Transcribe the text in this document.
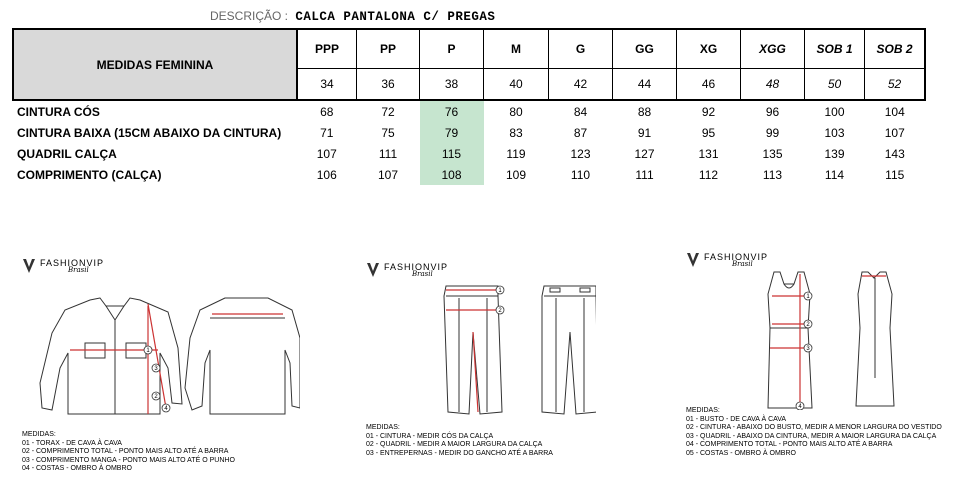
DESCRIÇÃO : CALCA PANTALONA C/ PREGAS
MEDIDAS FEMININA	PPP	PP	P	M	G	GG	XG	XGG	SOB 1	SOB 2
	34	36	38	40	42	44	46	48	50	52
CINTURA CÓS	68	72	76	80	84	88	92	96	100	104
CINTURA BAIXA (15CM ABAIXO DA CINTURA)	71	75	79	83	87	91	95	99	103	107
QUADRIL CALÇA	107	111	115	119	123	127	131	135	139	143
COMPRIMENTO (CALÇA)	106	107	108	109	110	111	112	113	114	115
FASHIONVIP
Brasil
1
3
4
2
MEDIDAS:
01 - TORAX - DE CAVA À CAVA
02 - COMPRIMENTO TOTAL - PONTO MAIS ALTO ATÉ A BARRA
03 - COMPRIMENTO MANGA - PONTO MAIS ALTO ATÉ O PUNHO
04 - COSTAS - OMBRO À OMBRO
FASHIONVIP
Brasil
1
2
MEDIDAS:
01 - CINTURA - MEDIR CÓS DA CALÇA
02 - QUADRIL - MEDIR A MAIOR LARGURA DA CALÇA
03 - ENTREPERNAS - MEDIR DO GANCHO ATÉ A BARRA
FASHIONVIP
Brasil
1
2
3
4
MEDIDAS:
01 - BUSTO - DE CAVA À CAVA
02 - CINTURA - ABAIXO DO BUSTO, MEDIR A MENOR LARGURA DO VESTIDO
03 - QUADRIL - ABAIXO DA CINTURA, MEDIR A MAIOR LARGURA DA CALÇA
04 - COMPRIMENTO TOTAL - PONTO MAIS ALTO ATÉ A BARRA
05 - COSTAS - OMBRO À OMBRO
